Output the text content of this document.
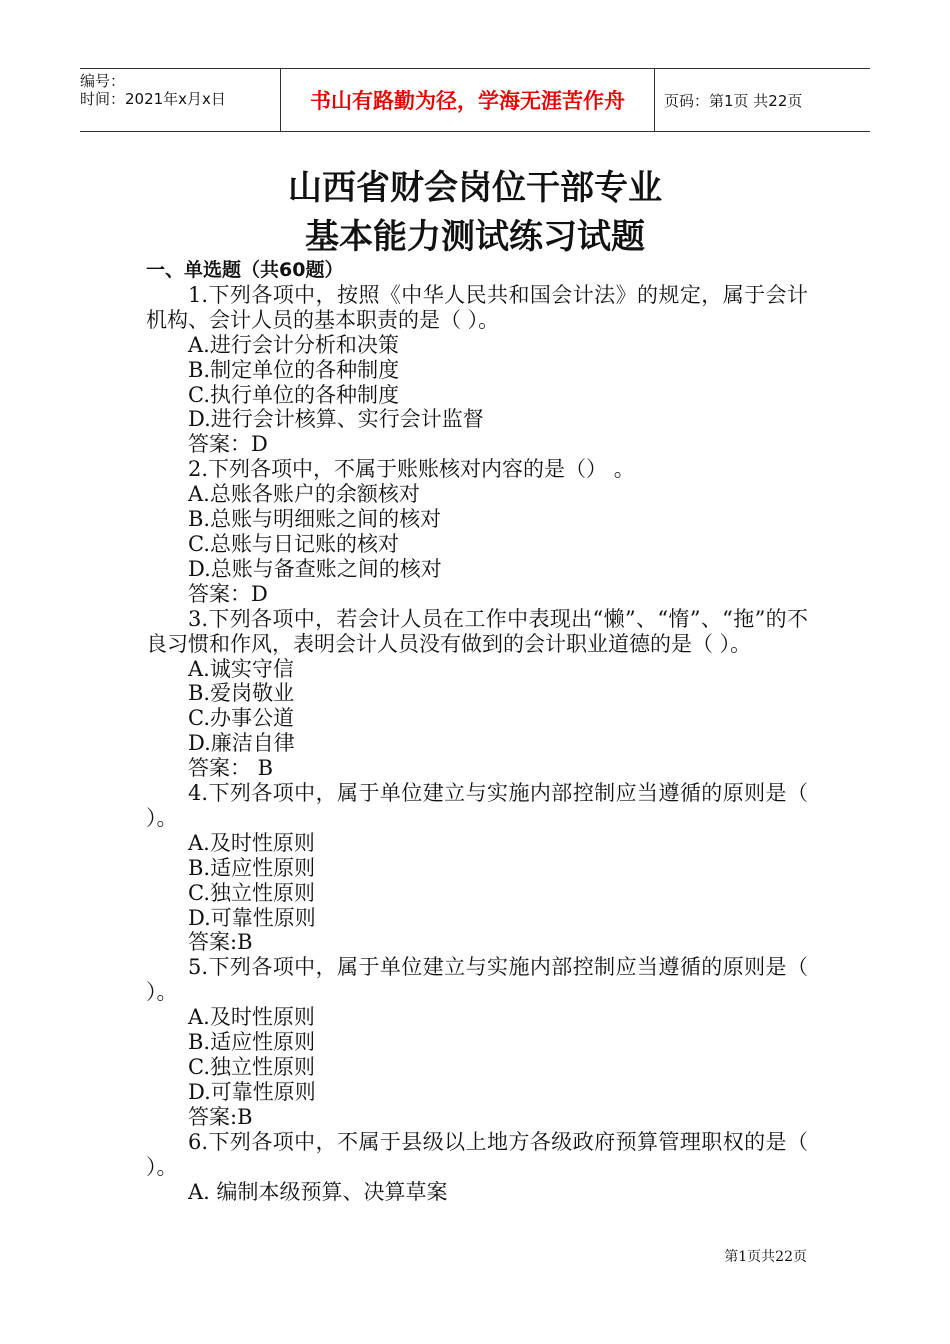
编号：
时间：2021年x月x日	书山有路勤为径，学海无涯苦作舟	页码：第1页 共22页
山西省财会岗位干部专业
基本能力测试练习试题

一、单选题（共60题）

1.下列各项中，按照《中华人民共和国会计法》的规定，属于会计机构、会计人员的基本职责的是（ ）。

A.进行会计分析和决策

B.制定单位的各种制度

C.执行单位的各种制度

D.进行会计核算、实行会计监督

答案：D

2.下列各项中，不属于账账核对内容的是（） 。

A.总账各账户的余额核对

B.总账与明细账之间的核对

C.总账与日记账的核对

D.总账与备查账之间的核对

答案：D

3.下列各项中，若会计人员在工作中表现出“懒”、“惰”、“拖”的不良习惯和作风，表明会计人员没有做到的会计职业道德的是（ ）。

A.诚实守信

B.爱岗敬业

C.办事公道

D.廉洁自律

答案： B

4.下列各项中，属于单位建立与实施内部控制应当遵循的原则是（ ）。

A.及时性原则

B.适应性原则

C.独立性原则

D.可靠性原则

答案:B

5.下列各项中，属于单位建立与实施内部控制应当遵循的原则是（ ）。

A.及时性原则

B.适应性原则

C.独立性原则

D.可靠性原则

答案:B

6.下列各项中，不属于县级以上地方各级政府预算管理职权的是（ ）。

A. 编制本级预算、决算草案

第1页共22页
